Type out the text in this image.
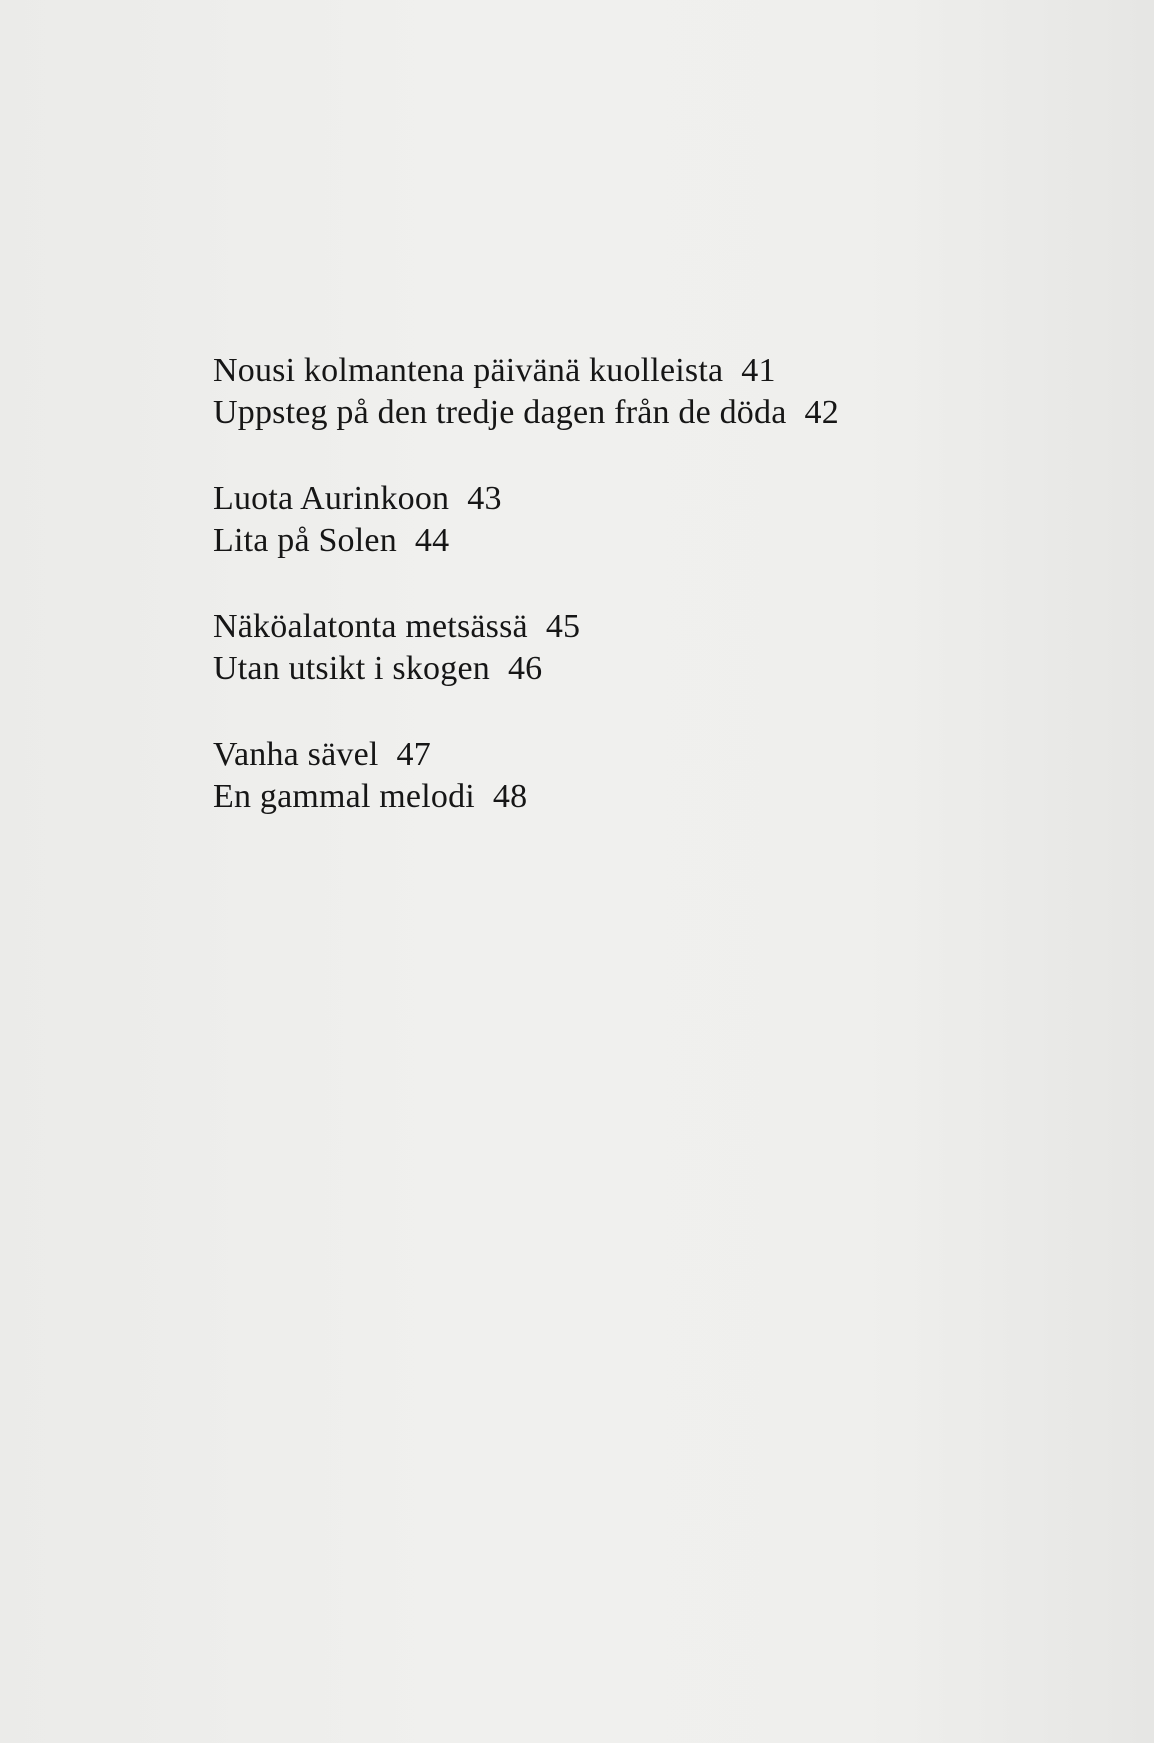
Nousi kolmantena päivänä kuolleista 41
Uppsteg på den tredje dagen från de döda 42
Luota Aurinkoon 43
Lita på Solen 44
Näköalatonta metsässä 45
Utan utsikt i skogen 46
Vanha sävel 47
En gammal melodi 48
